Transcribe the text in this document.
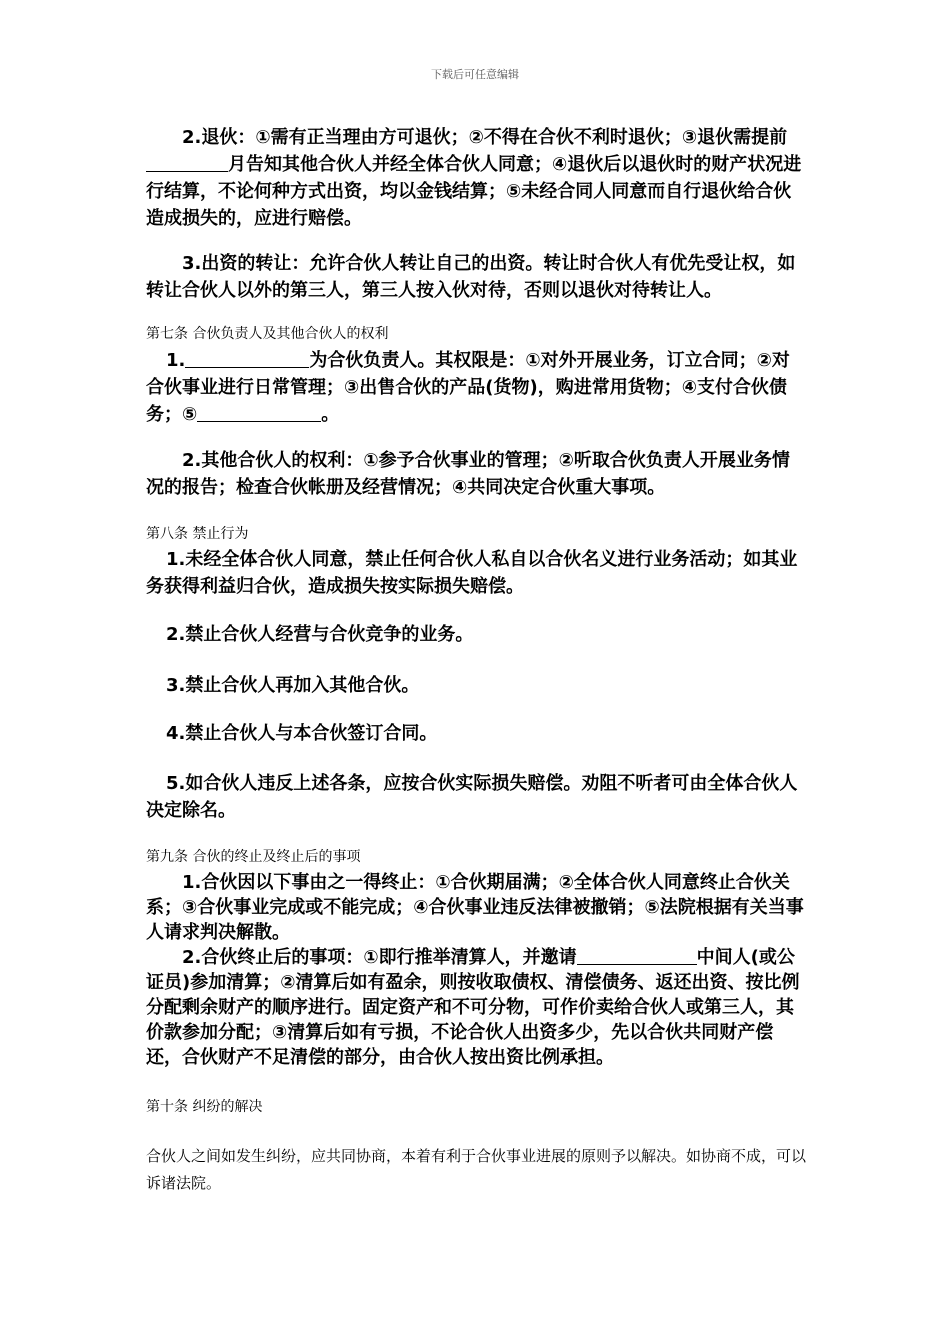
下载后可任意编辑

2.退伙：①需有正当理由方可退伙；②不得在合伙不利时退伙；③退伙需提前月告知其他合伙人并经全体合伙人同意；④退伙后以退伙时的财产状况进行结算，不论何种方式出资，均以金钱结算；⑤未经合同人同意而自行退伙给合伙造成损失的，应进行赔偿。

3.出资的转让：允许合伙人转让自己的出资。转让时合伙人有优先受让权，如转让合伙人以外的第三人，第三人按入伙对待，否则以退伙对待转让人。

第七条 合伙负责人及其他合伙人的权利

1.	为合伙负责人。其权限是：①对外开展业务，订立合同；②对合伙事业进行日常管理；③出售合伙的产品(货物)，购进常用货物；④支付合伙债务；⑤	。

2.其他合伙人的权利：①参予合伙事业的管理；②听取合伙负责人开展业务情况的报告；检查合伙帐册及经营情况；④共同决定合伙重大事项。

第八条 禁止行为

1.未经全体合伙人同意，禁止任何合伙人私自以合伙名义进行业务活动；如其业务获得利益归合伙，造成损失按实际损失赔偿。

2.禁止合伙人经营与合伙竞争的业务。

3.禁止合伙人再加入其他合伙。

4.禁止合伙人与本合伙签订合同。

5.如合伙人违反上述各条，应按合伙实际损失赔偿。劝阻不听者可由全体合伙人决定除名。

第九条 合伙的终止及终止后的事项

1.合伙因以下事由之一得终止：①合伙期届满；②全体合伙人同意终止合伙关系；③合伙事业完成或不能完成；④合伙事业违反法律被撤销；⑤法院根据有关当事人请求判决解散。

2.合伙终止后的事项：①即行推举清算人，并邀请	中间人(或公证员)参加清算；②清算后如有盈余，则按收取债权、清偿债务、返还出资、按比例分配剩余财产的顺序进行。固定资产和不可分物，可作价卖给合伙人或第三人，其价款参加分配；③清算后如有亏损，不论合伙人出资多少，先以合伙共同财产偿还，合伙财产不足清偿的部分，由合伙人按出资比例承担。

第十条 纠纷的解决

合伙人之间如发生纠纷，应共同协商，本着有利于合伙事业进展的原则予以解决。如协商不成，可以诉诸法院。
